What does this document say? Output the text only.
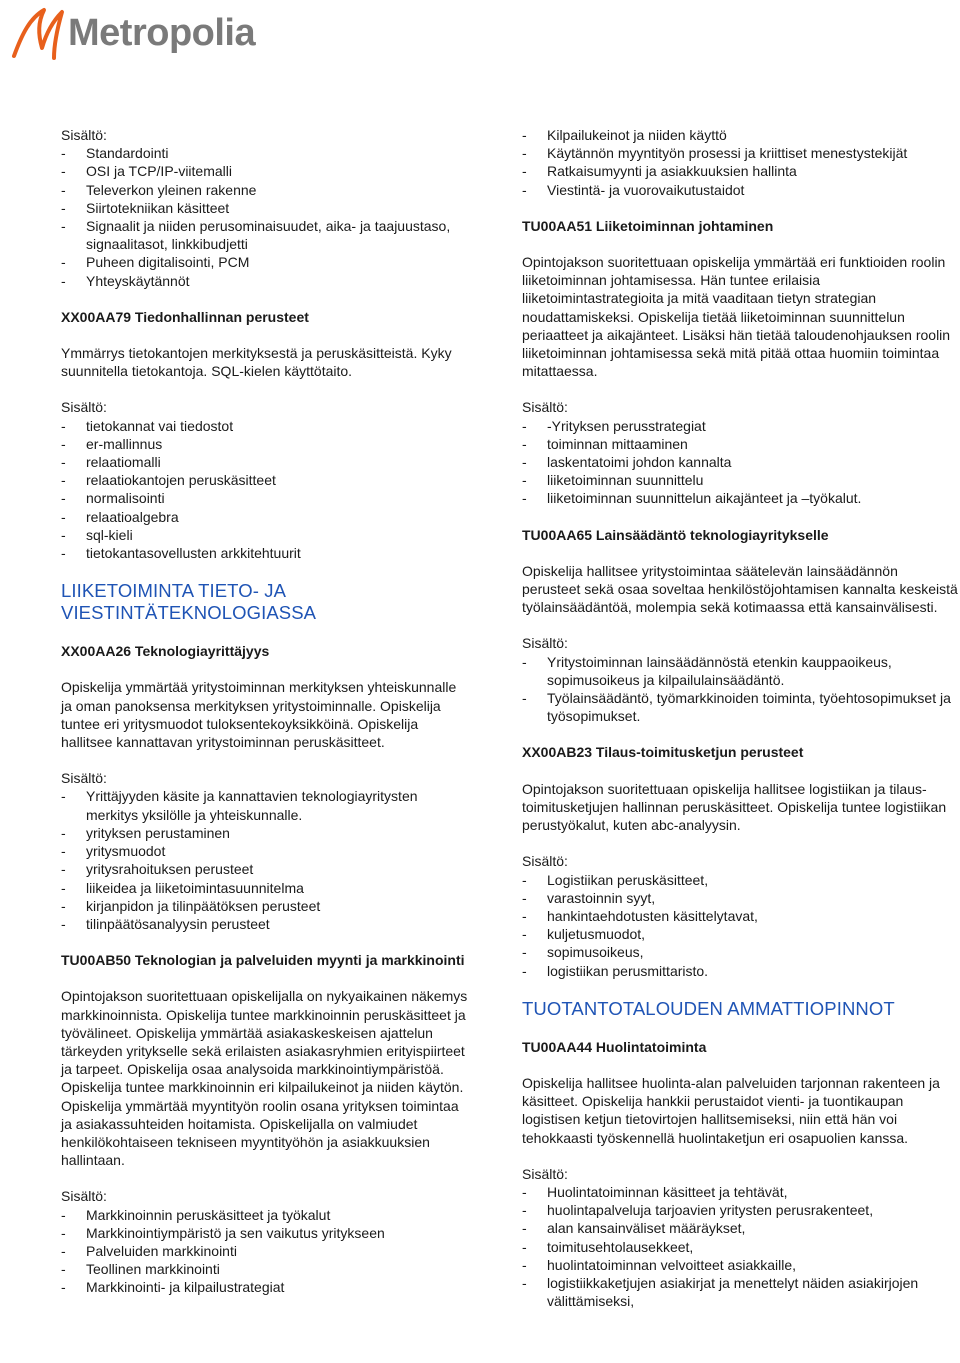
Metropolia
Sisältö:
- Standardointi
- OSI ja TCP/IP-viitemalli
- Televerkon yleinen rakenne
- Siirtotekniikan käsitteet
- Signaalit ja niiden perusominaisuudet, aika- ja taajuustaso, signaalitasot, linkkibudjetti
- Puheen digitalisointi, PCM
- Yhteyskäytännöt
XX00AA79 Tiedonhallinnan perusteet

Ymmärrys tietokantojen merkityksestä ja peruskäsitteistä. Kyky suunnitella tietokantoja. SQL-kielen käyttötaito.

Sisältö:
- tietokannat vai tiedostot
- er-mallinnus
- relaatiomalli
- relaatiokantojen peruskäsitteet
- normalisointi
- relaatioalgebra
- sql-kieli
- tietokantasovellusten arkkitehtuurit
LIIKETOIMINTA TIETO- JA
VIESTINTÄTEKNOLOGIASSA
XX00AA26 Teknologiayrittäjyys

Opiskelija ymmärtää yritystoiminnan merkityksen yhteiskunnalle ja oman panoksensa merkityksen yritystoiminnalle. Opiskelija tuntee eri yritysmuodot tuloksentekoyksikköinä. Opiskelija hallitsee kannattavan yritystoiminnan peruskäsitteet.

Sisältö:
- Yrittäjyyden käsite ja kannattavien teknologiayritysten merkitys yksilölle ja yhteiskunnalle.
- yrityksen perustaminen
- yritysmuodot
- yritysrahoituksen perusteet
- liikeidea ja liiketoimintasuunnitelma
- kirjanpidon ja tilinpäätöksen perusteet
- tilinpäätösanalyysin perusteet
TU00AB50 Teknologian ja palveluiden myynti ja markkinointi

Opintojakson suoritettuaan opiskelijalla on nykyaikainen näkemys markkinoinnista. Opiskelija tuntee markkinoinnin peruskäsitteet ja työvälineet. Opiskelija ymmärtää asiakaskeskeisen ajattelun tärkeyden yritykselle sekä erilaisten asiakasryhmien erityispiirteet ja tarpeet. Opiskelija osaa analysoida markkinointiympäristöä. Opiskelija tuntee markkinoinnin eri kilpailukeinot ja niiden käytön. Opiskelija ymmärtää myyntityön roolin osana yrityksen toimintaa ja asiakassuhteiden hoitamista. Opiskelijalla on valmiudet henkilökohtaiseen tekniseen myyntityöhön ja asiakkuuksien hallintaan.

Sisältö:
- Markkinoinnin peruskäsitteet ja työkalut
- Markkinointiympäristö ja sen vaikutus yritykseen
- Palveluiden markkinointi
- Teollinen markkinointi
- Markkinointi- ja kilpailustrategiat
- Kilpailukeinot ja niiden käyttö
- Käytännön myyntityön prosessi ja kriittiset menestystekijät
- Ratkaisumyynti ja asiakkuuksien hallinta
- Viestintä- ja vuorovaikutustaidot
TU00AA51 Liiketoiminnan johtaminen

Opintojakson suoritettuaan opiskelija ymmärtää eri funktioiden roolin liiketoiminnan johtamisessa. Hän tuntee erilaisia liiketoimintastrategioita ja mitä vaaditaan tietyn strategian noudattamiskeksi. Opiskelija tietää liiketoiminnan suunnittelun periaatteet ja aikajänteet. Lisäksi hän tietää taloudenohjauksen roolin liiketoiminnan johtamisessa sekä mitä pitää ottaa huomiin toimintaa mitattaessa.

Sisältö:
- -Yrityksen perusstrategiat
- toiminnan mittaaminen
- laskentatoimi johdon kannalta
- liiketoiminnan suunnittelu
- liiketoiminnan suunnittelun aikajänteet ja –työkalut.
TU00AA65 Lainsäädäntö teknologiayritykselle

Opiskelija hallitsee yritystoimintaa säätelevän lainsäädännön perusteet sekä osaa soveltaa henkilöstöjohtamisen kannalta keskeistä työlainsäädäntöä, molempia sekä kotimaassa että kansainvälisesti.

Sisältö:
- Yritystoiminnan lainsäädännöstä etenkin kauppaoikeus, sopimusoikeus ja kilpailulainsäädäntö.
- Työlainsäädäntö, työmarkkinoiden toiminta, työehtosopimukset ja työsopimukset.
XX00AB23 Tilaus-toimitusketjun perusteet

Opintojakson suoritettuaan opiskelija hallitsee logistiikan ja tilaus-toimitusketjujen hallinnan peruskäsitteet. Opiskelija tuntee logistiikan perustyökalut, kuten abc-analyysin.

Sisältö:
- Logistiikan peruskäsitteet,
- varastoinnin syyt,
- hankintaehdotusten käsittelytavat,
- kuljetusmuodot,
- sopimusoikeus,
- logistiikan perusmittaristo.
TUOTANTOTALOUDEN AMMATTIOPINNOT
TU00AA44 Huolintatoiminta

Opiskelija hallitsee huolinta-alan palveluiden tarjonnan rakenteen ja käsitteet. Opiskelija hankkii perustaidot vienti- ja tuontikaupan logistisen ketjun tietovirtojen hallitsemiseksi, niin että hän voi tehokkaasti työskennellä huolintaketjun eri osapuolien kanssa.

Sisältö:
- Huolintatoiminnan käsitteet ja tehtävät,
- huolintapalveluja tarjoavien yritysten perusrakenteet,
- alan kansainväliset määräykset,
- toimitusehtolausekkeet,
- huolintatoiminnan velvoitteet asiakkaille,
- logistiikkaketjujen asiakirjat ja menettelyt näiden asiakirjojen välittämiseksi,
